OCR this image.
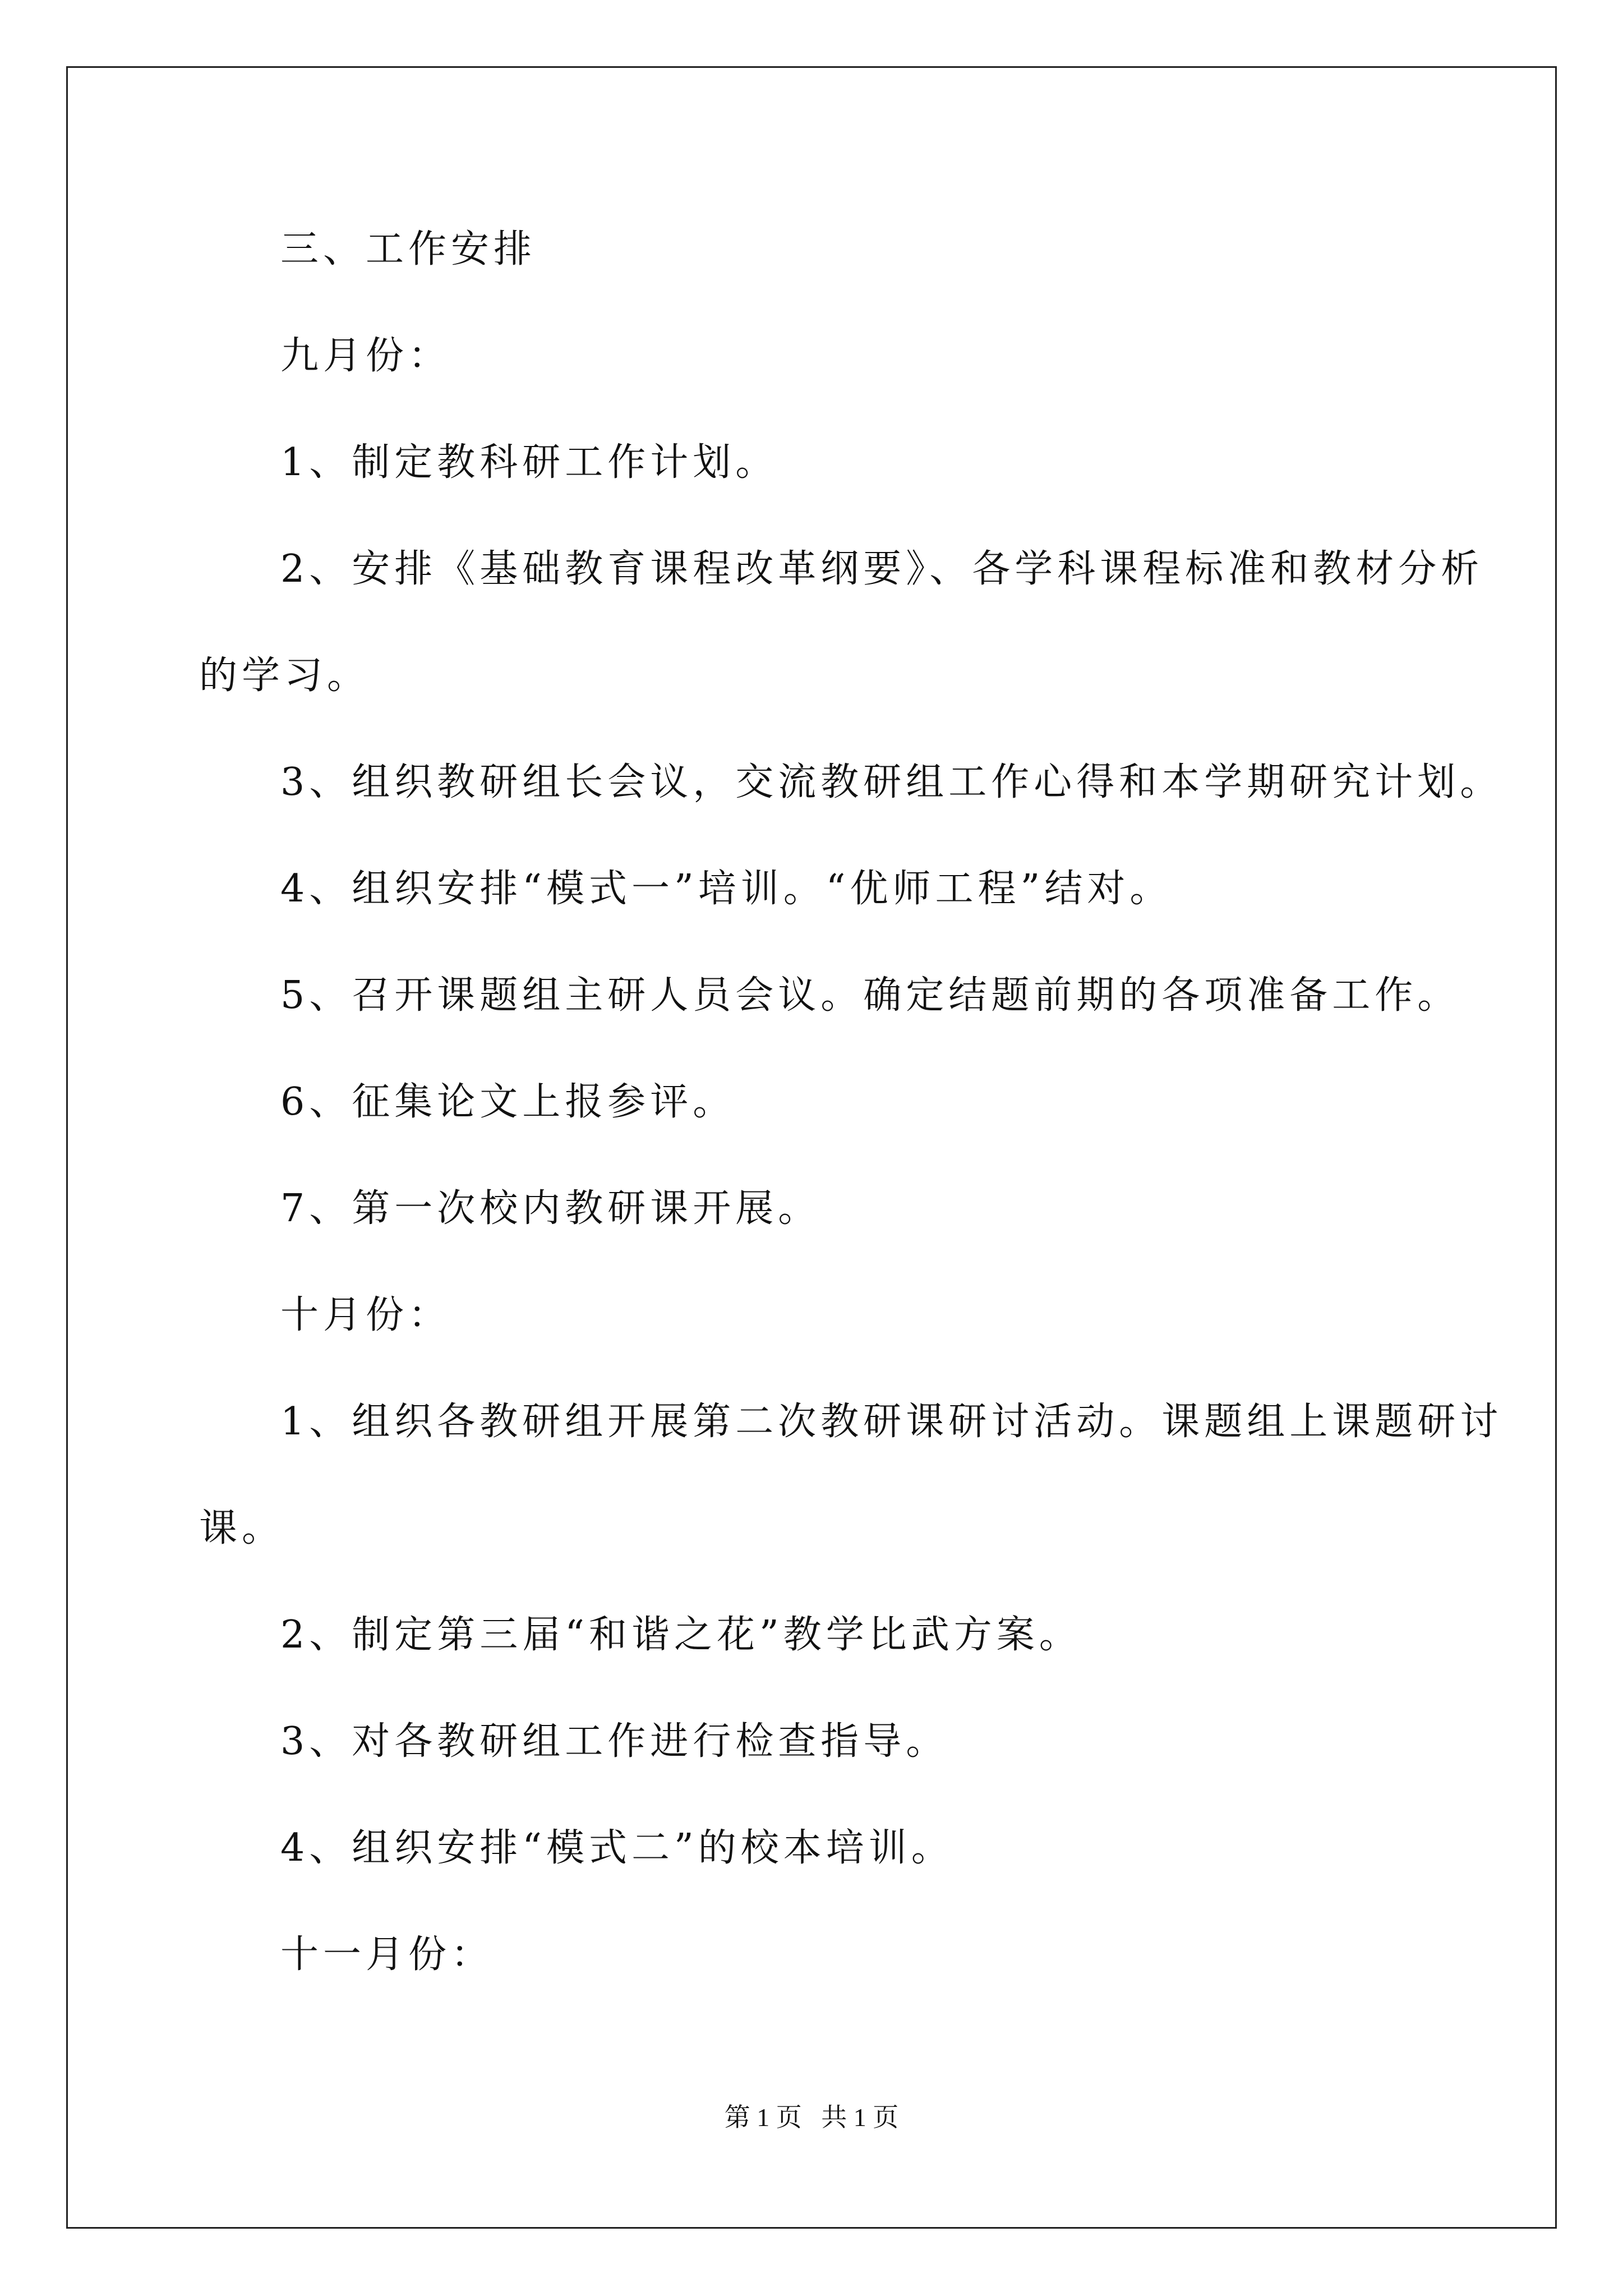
三、工作安排
九月份：
1、制定教科研工作计划。
2、安排《基础教育课程改革纲要》、各学科课程标准和教材分析
的学习。
3、组织教研组长会议，交流教研组工作心得和本学期研究计划。
4、组织安排“模式一”培训。“优师工程”结对。
5、召开课题组主研人员会议。确定结题前期的各项准备工作。
6、征集论文上报参评。
7、第一次校内教研课开展。
十月份：
1、组织各教研组开展第二次教研课研讨活动。课题组上课题研讨
课。
2、制定第三届“和谐之花”教学比武方案。
3、对各教研组工作进行检查指导。
4、组织安排“模式二”的校本培训。
十一月份：
第 1 页   共 1 页
